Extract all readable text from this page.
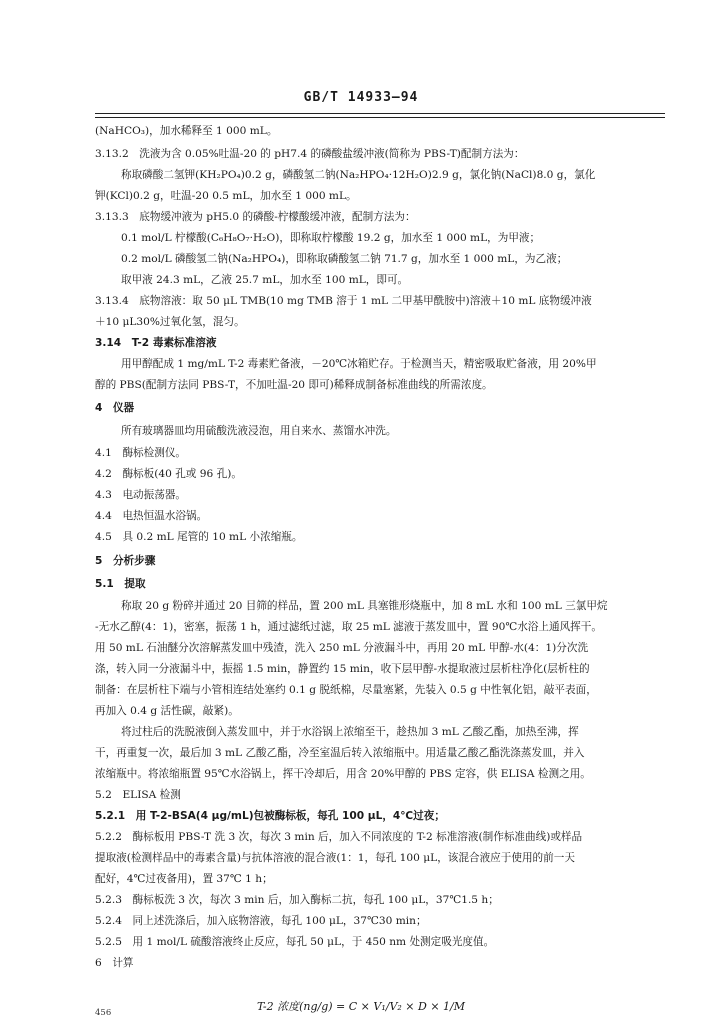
GB/T 14933—94
(NaHCO₃)，加水稀释至 1 000 mL。
3.13.2　洗液为含 0.05%吐温-20 的 pH7.4 的磷酸盐缓冲液(简称为 PBS-T)配制方法为：
称取磷酸二氢钾(KH₂PO₄)0.2 g，磷酸氢二钠(Na₂HPO₄·12H₂O)2.9 g，氯化钠(NaCl)8.0 g，氯化
钾(KCl)0.2 g，吐温-20 0.5 mL，加水至 1 000 mL。
3.13.3　底物缓冲液为 pH5.0 的磷酸-柠檬酸缓冲液，配制方法为：
0.1 mol/L 柠檬酸(C₆H₈O₇·H₂O)，即称取柠檬酸 19.2 g，加水至 1 000 mL，为甲液；
0.2 mol/L 磷酸氢二钠(Na₂HPO₄)，即称取磷酸氢二钠 71.7 g，加水至 1 000 mL，为乙液；
取甲液 24.3 mL，乙液 25.7 mL，加水至 100 mL，即可。
3.13.4　底物溶液：取 50 μL TMB(10 mg TMB 溶于 1 mL 二甲基甲酰胺中)溶液＋10 mL 底物缓冲液
＋10 μL30%过氧化氢，混匀。
3.14　T-2 毒素标准溶液
用甲醇配成 1 mg/mL T-2 毒素贮备液，－20℃冰箱贮存。于检测当天，精密吸取贮备液，用 20%甲
醇的 PBS(配制方法同 PBS-T，不加吐温-20 即可)稀释成制备标准曲线的所需浓度。
4　仪器
所有玻璃器皿均用硫酸洗液浸泡，用自来水、蒸馏水冲洗。
4.1　酶标检测仪。
4.2　酶标板(40 孔或 96 孔)。
4.3　电动振荡器。
4.4　电热恒温水浴锅。
4.5　具 0.2 mL 尾管的 10 mL 小浓缩瓶。
5　分析步骤
5.1　提取
称取 20 g 粉碎并通过 20 目筛的样品，置 200 mL 具塞锥形烧瓶中，加 8 mL 水和 100 mL 三氯甲烷
-无水乙醇(4：1)，密塞，振荡 1 h，通过滤纸过滤，取 25 mL 滤液于蒸发皿中，置 90℃水浴上通风挥干。
用 50 mL 石油醚分次溶解蒸发皿中残渣，洗入 250 mL 分液漏斗中，再用 20 mL 甲醇-水(4：1)分次洗
涤，转入同一分液漏斗中，振摇 1.5 min，静置约 15 min，收下层甲醇-水提取液过层析柱净化(层析柱的
制备：在层析柱下端与小管相连结处塞约 0.1 g 脱纸棉，尽量塞紧，先装入 0.5 g 中性氧化铝，敲平表面，
再加入 0.4 g 活性碳，敲紧)。
将过柱后的洗脱液倒入蒸发皿中，并于水浴锅上浓缩至干，趁热加 3 mL 乙酸乙酯，加热至沸，挥
干，再重复一次，最后加 3 mL 乙酸乙酯，冷至室温后转入浓缩瓶中。用适量乙酸乙酯洗涤蒸发皿，并入
浓缩瓶中。将浓缩瓶置 95℃水浴锅上，挥干冷却后，用含 20%甲醇的 PBS 定容，供 ELISA 检测之用。
5.2　ELISA 检测
5.2.1　用 T-2-BSA(4 μg/mL)包被酶标板，每孔 100 μL，4℃过夜；
5.2.2　酶标板用 PBS-T 洗 3 次，每次 3 min 后，加入不同浓度的 T-2 标准溶液(制作标准曲线)或样品
提取液(检测样品中的毒素含量)与抗体溶液的混合液(1：1，每孔 100 μL，该混合液应于使用的前一天
配好，4℃过夜备用)，置 37℃ 1 h；
5.2.3　酶标板洗 3 次，每次 3 min 后，加入酶标二抗，每孔 100 μL，37℃1.5 h；
5.2.4　同上述洗涤后，加入底物溶液，每孔 100 μL，37℃30 min；
5.2.5　用 1 mol/L 硫酸溶液终止反应，每孔 50 μL，于 450 nm 处测定吸光度值。
6　计算
T-2 浓度(ng/g) = C × V₁/V₂ × D × 1/M
456
